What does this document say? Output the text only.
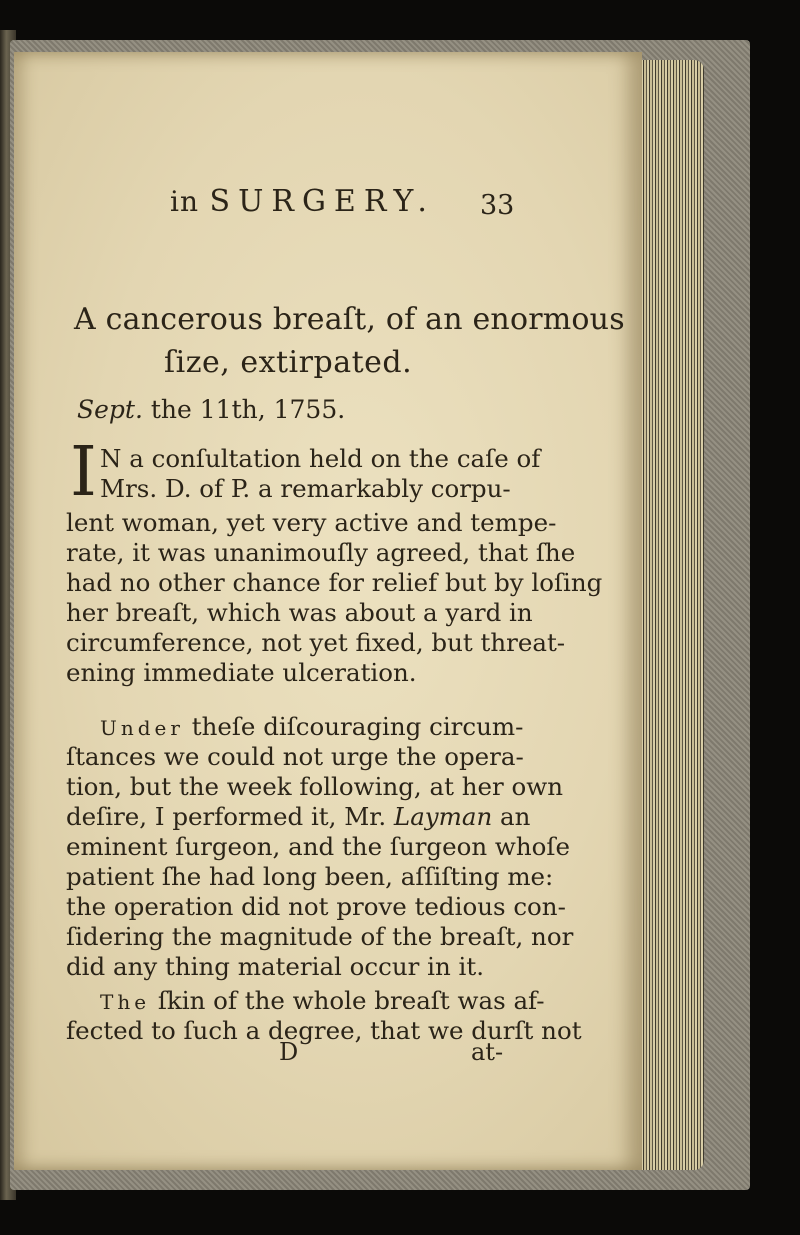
in SURGERY. 33
A cancerous breaſt, of an enormous
ſize, extirpated.
Sept. the 11th, 1755.
I N a conſultation held on the caſe of
Mrs. D. of P. a remarkably corpu-
lent woman, yet very active and tempe-
rate, it was unanimouſly agreed, that ſhe
had no other chance for relief but by loſing
her breaſt, which was about a yard in
circumference, not yet fixed, but threat-
ening immediate ulceration.
Under theſe diſcouraging circum-
ſtances we could not urge the opera-
tion, but the week following, at her own
deſire, I performed it, Mr. Layman an
eminent ſurgeon, and the ſurgeon whoſe
patient ſhe had long been, aſſiſting me:
the operation did not prove tedious con-
ſidering the magnitude of the breaſt, nor
did any thing material occur in it.
The ſkin of the whole breaſt was af-
fected to ſuch a degree, that we durſt not
D	at-
